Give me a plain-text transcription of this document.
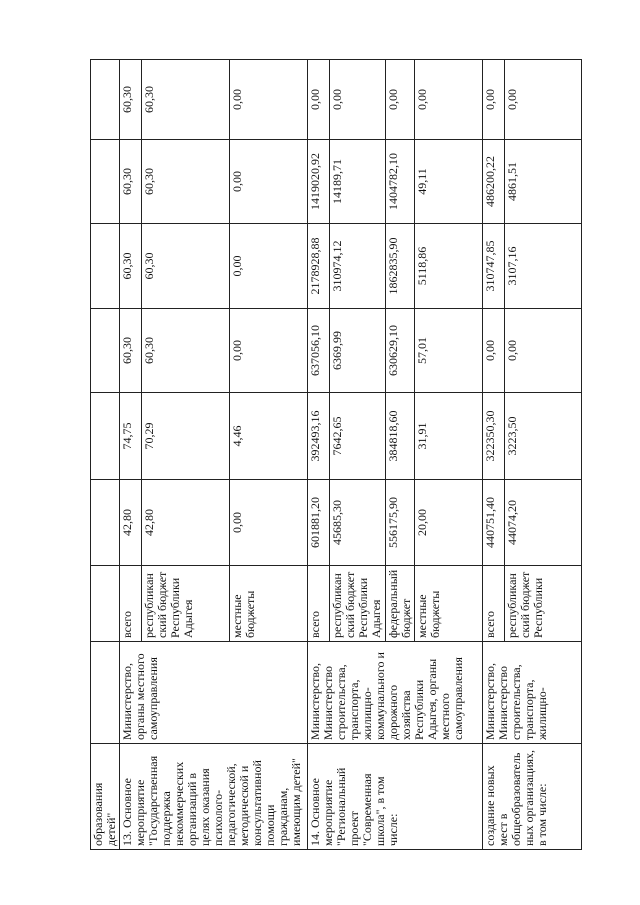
образования детей"								
13. Основное мероприятие "Государственная поддержка некоммерческих организаций в целях оказания психолого-педагогической, методической и консультативной помощи гражданам, имеющим детей"	Министерство, органы местного самоуправления	всего	42,80	74,75	60,30	60,30	60,30	60,30
		республиканский бюджет Республики Адыгея	42,80	70,29	60,30	60,30	60,30	60,30
		местные бюджеты	0,00	4,46	0,00	0,00	0,00	0,00
14. Основное мероприятие "Региональный проект "Современная школа", в том числе:	Министерство, Министерство строительства, транспорта, жилищно-коммунального и дорожного хозяйства Республики Адыгея, органы местного самоуправления	всего	601881,20	392493,16	637056,10	2178928,88	1419020,92	0,00
		республиканский бюджет Республики Адыгея	45685,30	7642,65	6369,99	310974,12	14189,71	0,00
		федеральный бюджет	556175,90	384818,60	630629,10	1862835,90	1404782,10	0,00
		местные бюджеты	20,00	31,91	57,01	5118,86	49,11	0,00
создание новых мест в общеобразовательных организациях, в том числе:	Министерство, Министерство строительства, транспорта, жилищно-	всего	440751,40	322350,30	0,00	310747,85	486200,22	0,00
		республиканский бюджет Республики	44074,20	3223,50	0,00	3107,16	4861,51	0,00
